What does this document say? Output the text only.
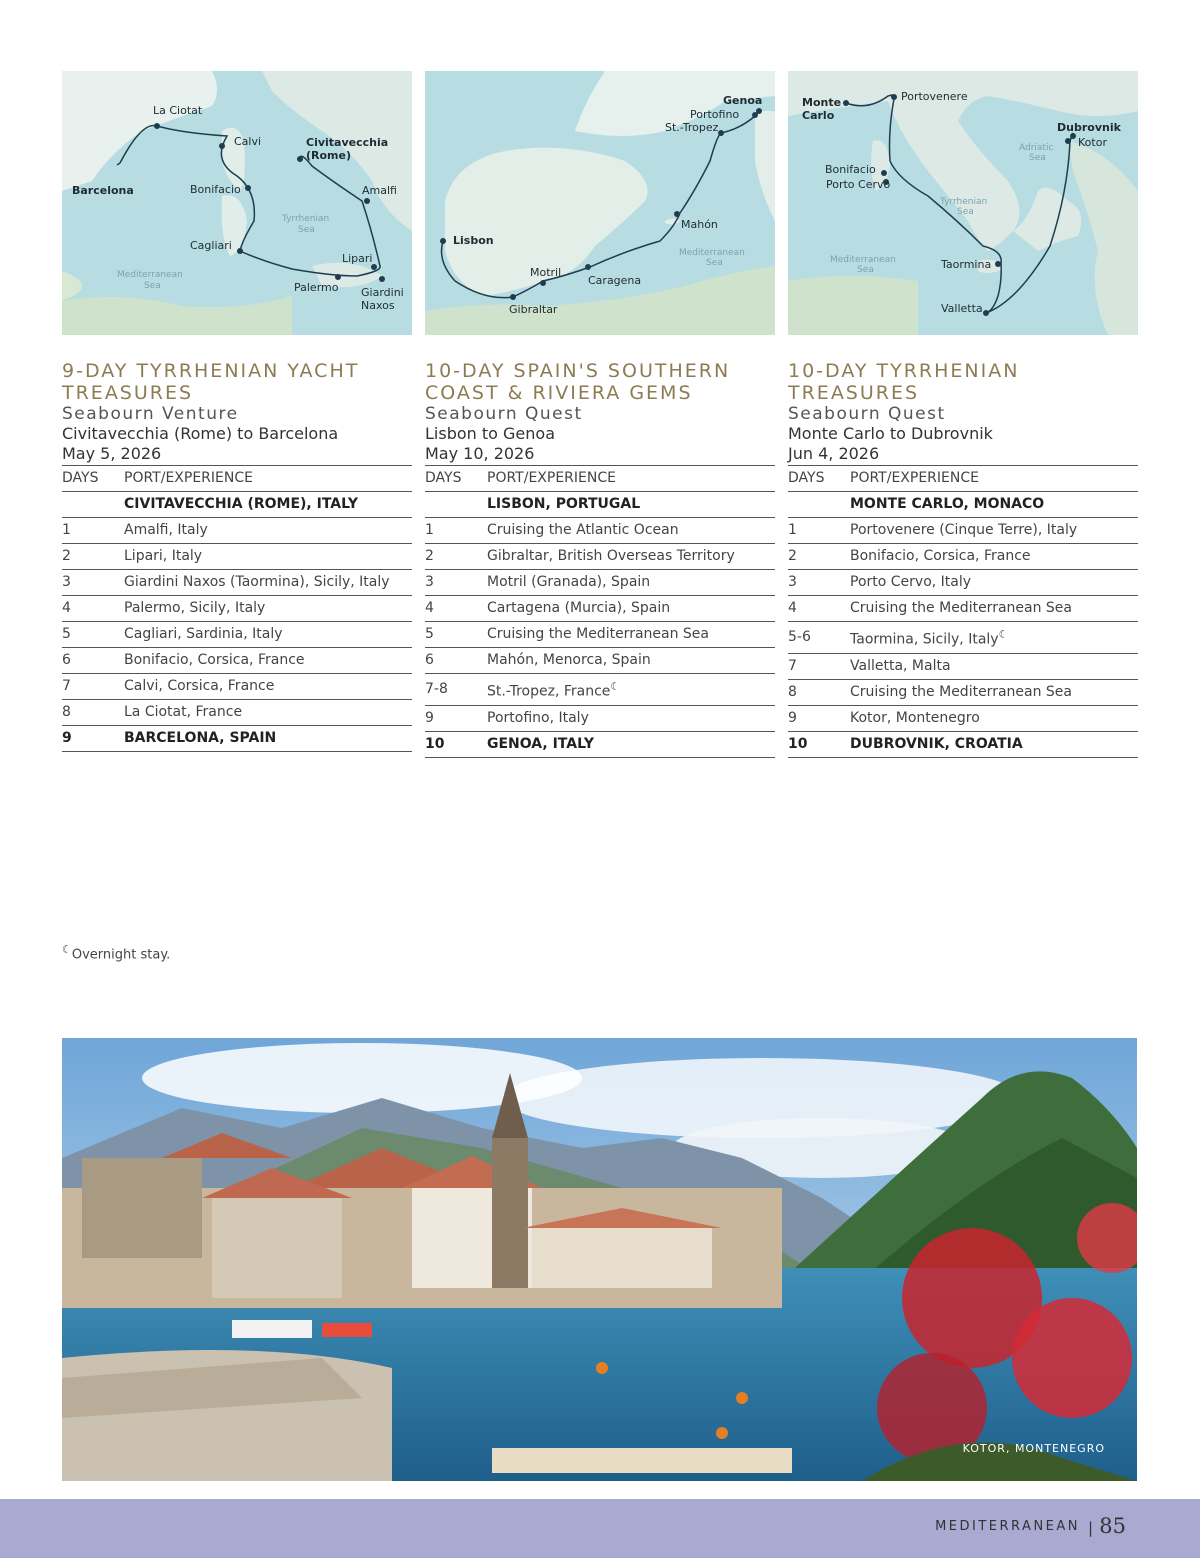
La Ciotat
Calvi	Civitavecchia
(Rome)
Barcelona	Bonifacio	Amalfi
Cagliari
Lipari
Palermo Giardini
Naxos
Tyrrhenian
Sea
Mediterranean
Sea
Genoa
Portofino
St.-Tropez
Lisbon
Mahón
Motril
Caragena
Gibraltar
Mediterranean
Sea
Monte
Carlo
Portovenere
Dubrovnik
Kotor
Bonifacio
Porto Cervo
Taormina
Valletta
Adriatic
Sea
Tyrrhenian
Sea
Mediterranean
Sea
9-DAY TYRRHENIAN YACHT TREASURES
Seabourn Venture
Civitavecchia (Rome) to Barcelona
May 5, 2026
DAYS	PORT/EXPERIENCE
	CIVITAVECCHIA (ROME), ITALY
1	Amalfi, Italy
2	Lipari, Italy
3	Giardini Naxos (Taormina), Sicily, Italy
4	Palermo, Sicily, Italy
5	Cagliari, Sardinia, Italy
6	Bonifacio, Corsica, France
7	Calvi, Corsica, France
8	La Ciotat, France
9	BARCELONA, SPAIN
10-DAY SPAIN'S SOUTHERN COAST & RIVIERA GEMS
Seabourn Quest
Lisbon to Genoa
May 10, 2026
DAYS	PORT/EXPERIENCE
	LISBON, PORTUGAL
1	Cruising the Atlantic Ocean
2	Gibraltar, British Overseas Territory
3	Motril (Granada), Spain
4	Cartagena (Murcia), Spain
5	Cruising the Mediterranean Sea
6	Mahón, Menorca, Spain
7-8	St.-Tropez, France☾
9	Portofino, Italy
10	GENOA, ITALY
10-DAY TYRRHENIAN TREASURES
Seabourn Quest
Monte Carlo to Dubrovnik
Jun 4, 2026
DAYS	PORT/EXPERIENCE
	MONTE CARLO, MONACO
1	Portovenere (Cinque Terre), Italy
2	Bonifacio, Corsica, France
3	Porto Cervo, Italy
4	Cruising the Mediterranean Sea
5-6	Taormina, Sicily, Italy☾
7	Valletta, Malta
8	Cruising the Mediterranean Sea
9	Kotor, Montenegro
10	DUBROVNIK, CROATIA
☾Overnight stay.
KOTOR, MONTENEGRO
MEDITERRANEAN | 85
